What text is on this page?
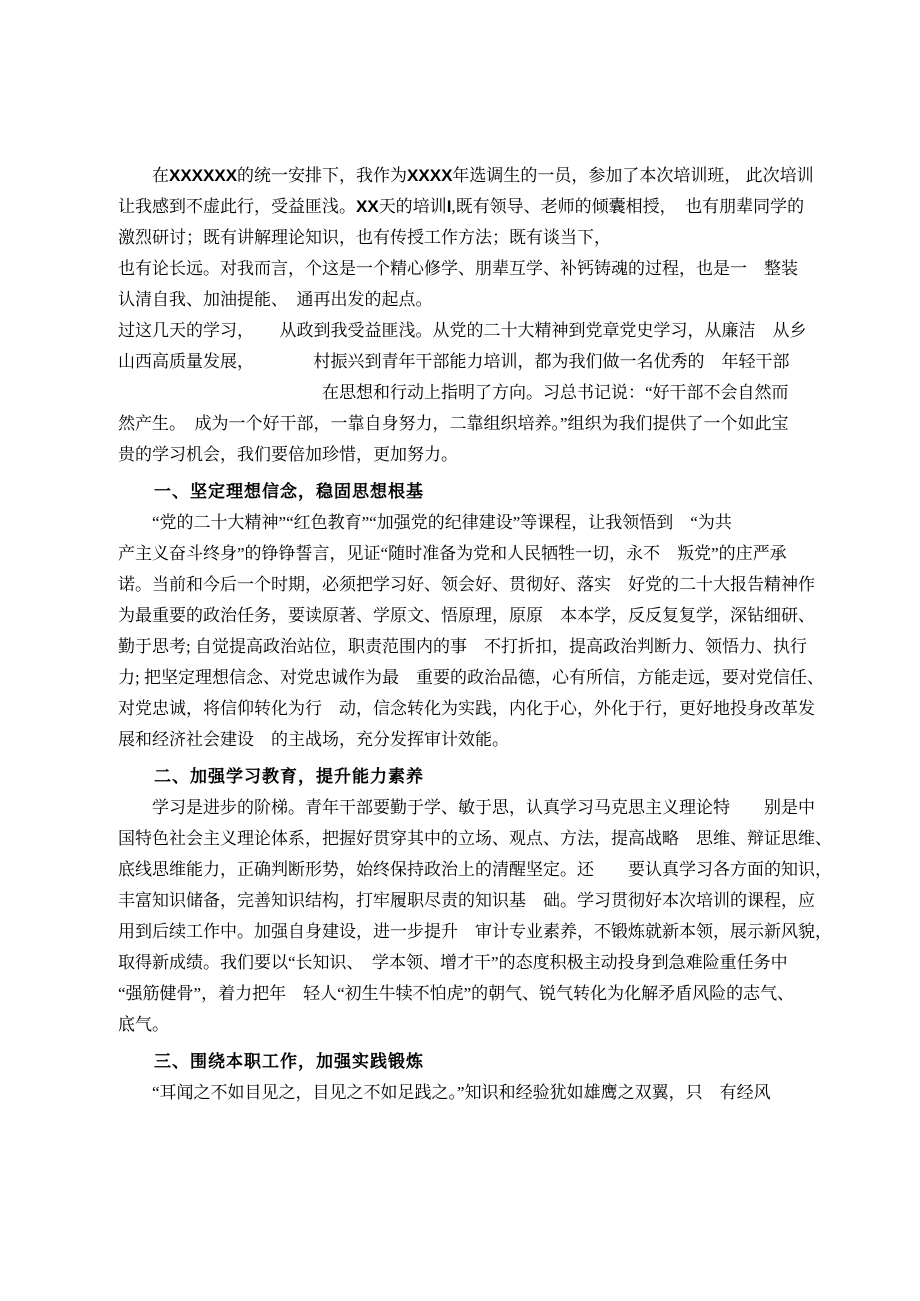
　　在XXXXXX的统一安排下，我作为XXXX年选调生的一员，参加了本次培训班， 此次培训
让我感到不虚此行，受益匪浅。XX天的培训I,既有领导、老师的倾囊相授，　也有朋辈同学的
激烈研讨；既有讲解理论知识，也有传授工作方法；既有谈当下，
也有论长远。对我而言，个这是一个精心修学、朋辈互学、补钙铸魂的过程，也是一　整装
认清自我、加油提能、　通再出发的起点。
过这几天的学习，　　从政到我受益匪浅。从党的二十大精神到党章党史学习，从廉洁　从乡
山西高质量发展，　　　　村振兴到青年干部能力培训，都为我们做一名优秀的　年轻干部
　　　　　　　　　　　　在思想和行动上指明了方向。习总书记说：“好干部不会自然而
然产生。　成为一个好干部，一靠自身努力，二靠组织培养。”组织为我们提供了一个如此宝
贵的学习机会，我们要倍加珍惜，更加努力。
　　一、坚定理想信念，稳固思想根基
　　“党的二十大精神”“红色教育”“加强党的纪律建设”等课程，让我领悟到　“为共
产主义奋斗终身”的铮铮誓言，见证“随时准备为党和人民牺牲一切，永不　叛党”的庄严承
诺。当前和今后一个时期，必须把学习好、领会好、贯彻好、落实　好党的二十大报告精神作
为最重要的政治任务，要读原著、学原文、悟原理，原原　本本学，反反复复学，深钻细研、
勤于思考; 自觉提高政治站位，职责范围内的事　不打折扣，提高政治判断力、领悟力、执行
力; 把坚定理想信念、对党忠诚作为最　重要的政治品德，心有所信，方能走远，要对党信任、
对党忠诚，将信仰转化为行　动，信念转化为实践，内化于心，外化于行，更好地投身改革发
展和经济社会建设　的主战场，充分发挥审计效能。
　　二、加强学习教育，提升能力素养
　　学习是进步的阶梯。青年干部要勤于学、敏于思，认真学习马克思主义理论特　　别是中
国特色社会主义理论体系，把握好贯穿其中的立场、观点、方法，提高战略　思维、辩证思维、
底线思维能力，正确判断形势，始终保持政治上的清醒坚定。还　　要认真学习各方面的知识，
丰富知识储备，完善知识结构，打牢履职尽责的知识基　础。学习贯彻好本次培训的课程，应
用到后续工作中。加强自身建设，进一步提升　审计专业素养，不锻炼就新本领，展示新风貌，
取得新成绩。我们要以“长知识、　学本领、增才干”的态度积极主动投身到急难险重任务中
“强筋健骨”，着力把年　轻人“初生牛犊不怕虎”的朝气、锐气转化为化解矛盾风险的志气、
底气。
　　三、围绕本职工作，加强实践锻炼
　　“耳闻之不如目见之，目见之不如足践之。”知识和经验犹如雄鹰之双翼，只　有经风
